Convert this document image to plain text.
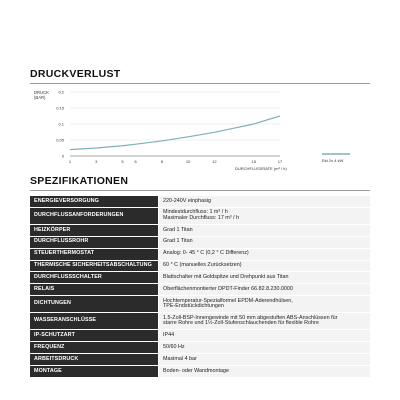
DRUCKVERLUST
DRUCK
(BAR)
0.2
0.15
0.1
0.05
0
1	3	5	6	8	10	12	15	17
DURCHFLUSSRATE (m³ / h)
Ekt 2x 4 kW
SPEZIFIKATIONEN
ENERGIEVERSORGUNG	220-240V einphasig
DURCHFLUSSANFORDERUNGEN	Mindestdurchfluss: 1 m³ / h
Maximaler Durchfluss: 17 m³ / h
HEIZKÖRPER	Grad 1 Titan
DURCHFLUSSROHR	Grad 1 Titan
STEUERTHERMOSTAT	Analog: 0- 45 ° C (0,2 ° C Differenz)
THERMISCHE SICHERHEITSABSCHALTUNG	60 ° C (manuelles Zurücksetzen)
DURCHFLUSSSCHALTER	Blattschalter mit Goldspitze und Drehpunkt aus Titan
RELAIS	Oberflächenmontierter DPDT-Finder 66.82.8.230.0000
DICHTUNGEN	Hochtemperatur-Spezialformel EPDM-Aderendhülsen,
TPE-Endstückdichtungen
WASSERANSCHLÜSSE	1.5-Zoll-BSP-Innengewinde mit 50 mm abgestuften ABS-Anschlüssen für
starre Rohre und 1½-Zoll-Stufenschlauchenden für flexible Rohre
IP-SCHUTZART	IP44
FREQUENZ	50/60 Hz
ARBEITSDRUCK	Maximal 4 bar
MONTAGE	Boden- oder Wandmontage
